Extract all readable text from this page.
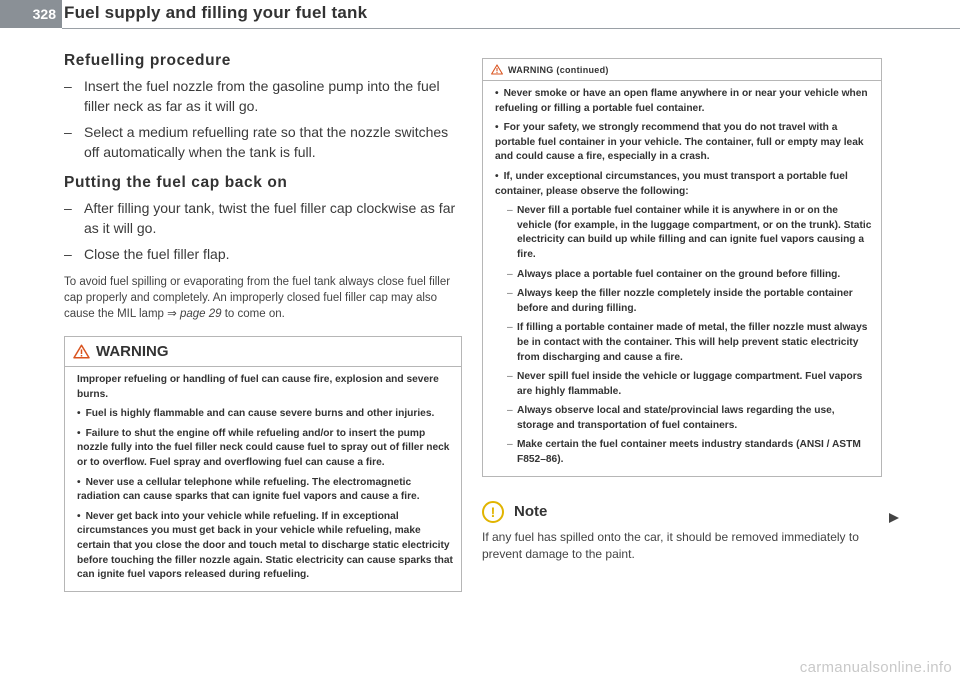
328 Fuel supply and filling your fuel tank
Refuelling procedure
– Insert the fuel nozzle from the gasoline pump into the fuel filler neck as far as it will go.
– Select a medium refuelling rate so that the nozzle switches off automatically when the tank is full.
Putting the fuel cap back on
– After filling your tank, twist the fuel filler cap clockwise as far as it will go.
– Close the fuel filler flap.

To avoid fuel spilling or evaporating from the fuel tank always close fuel filler cap properly and completely. An improperly closed fuel filler cap may also cause the MIL lamp ⇒ page 29 to come on.

WARNING

Improper refueling or handling of fuel can cause fire, explosion and severe burns.

• Fuel is highly flammable and can cause severe burns and other injuries.

• Failure to shut the engine off while refueling and/or to insert the pump nozzle fully into the fuel filler neck could cause fuel to spray out of filler neck or to overflow. Fuel spray and overflowing fuel can cause a fire.

• Never use a cellular telephone while refueling. The electromagnetic radiation can cause sparks that can ignite fuel vapors and cause a fire.

• Never get back into your vehicle while refueling. If in exceptional circumstances you must get back in your vehicle while refueling, make certain that you close the door and touch metal to discharge static electricity before touching the filler nozzle again. Static electricity can cause sparks that can ignite fuel vapors released during refueling.

WARNING (continued)

• Never smoke or have an open flame anywhere in or near your vehicle when refueling or filling a portable fuel container.

• For your safety, we strongly recommend that you do not travel with a portable fuel container in your vehicle. The container, full or empty may leak and could cause a fire, especially in a crash.

• If, under exceptional circumstances, you must transport a portable fuel container, please observe the following:

– Never fill a portable fuel container while it is anywhere in or on the vehicle (for example, in the luggage compartment, or on the trunk). Static electricity can build up while filling and can ignite fuel vapors causing a fire.

– Always place a portable fuel container on the ground before filling.

– Always keep the filler nozzle completely inside the portable container before and during filling.

– If filling a portable container made of metal, the filler nozzle must always be in contact with the container. This will help prevent static electricity from discharging and cause a fire.

– Never spill fuel inside the vehicle or luggage compartment. Fuel vapors are highly flammable.

– Always observe local and state/provincial laws regarding the use, storage and transportation of fuel containers.

– Make certain the fuel container meets industry standards (ANSI / ASTM F852–86).

!	Note
If any fuel has spilled onto the car, it should be removed immediately to prevent damage to the paint.
carmanualsonline.info
